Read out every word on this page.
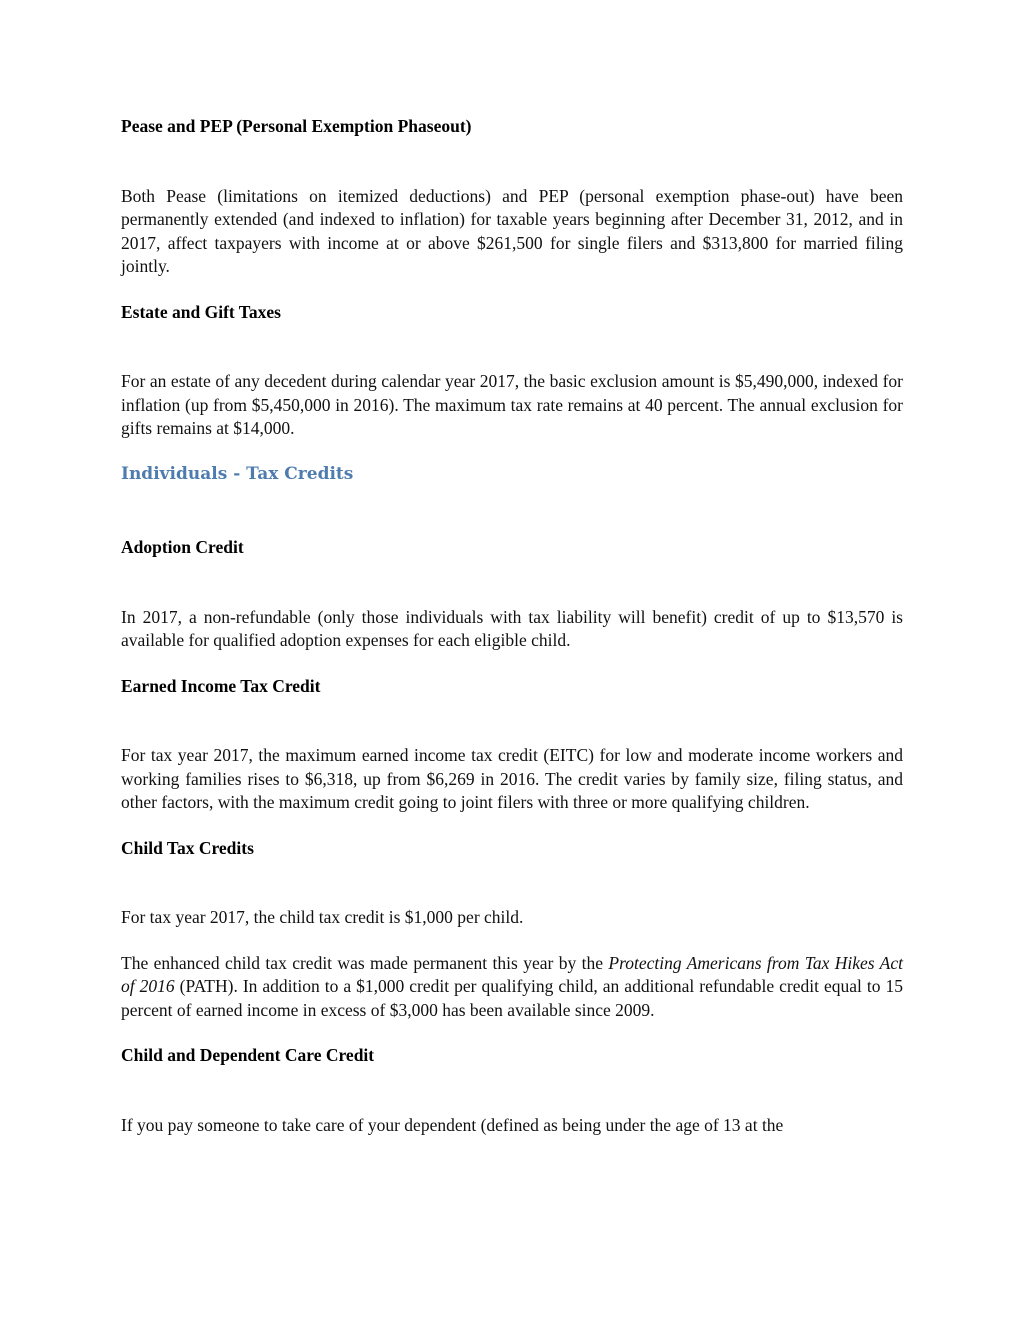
Pease and PEP (Personal Exemption Phaseout)

Both Pease (limitations on itemized deductions) and PEP (personal exemption phase-out) have been permanently extended (and indexed to inflation) for taxable years beginning after December 31, 2012, and in 2017, affect taxpayers with income at or above $261,500 for single filers and $313,800 for married filing jointly.

Estate and Gift Taxes

For an estate of any decedent during calendar year 2017, the basic exclusion amount is $5,490,000, indexed for inflation (up from $5,450,000 in 2016). The maximum tax rate remains at 40 percent. The annual exclusion for gifts remains at $14,000.

Individuals - Tax Credits
Adoption Credit

In 2017, a non-refundable (only those individuals with tax liability will benefit) credit of up to $13,570 is available for qualified adoption expenses for each eligible child.

Earned Income Tax Credit

For tax year 2017, the maximum earned income tax credit (EITC) for low and moderate income workers and working families rises to $6,318, up from $6,269 in 2016. The credit varies by family size, filing status, and other factors, with the maximum credit going to joint filers with three or more qualifying children.

Child Tax Credits

For tax year 2017, the child tax credit is $1,000 per child.

The enhanced child tax credit was made permanent this year by the Protecting Americans from Tax Hikes Act of 2016 (PATH). In addition to a $1,000 credit per qualifying child, an additional refundable credit equal to 15 percent of earned income in excess of $3,000 has been available since 2009.

Child and Dependent Care Credit

If you pay someone to take care of your dependent (defined as being under the age of 13 at the
